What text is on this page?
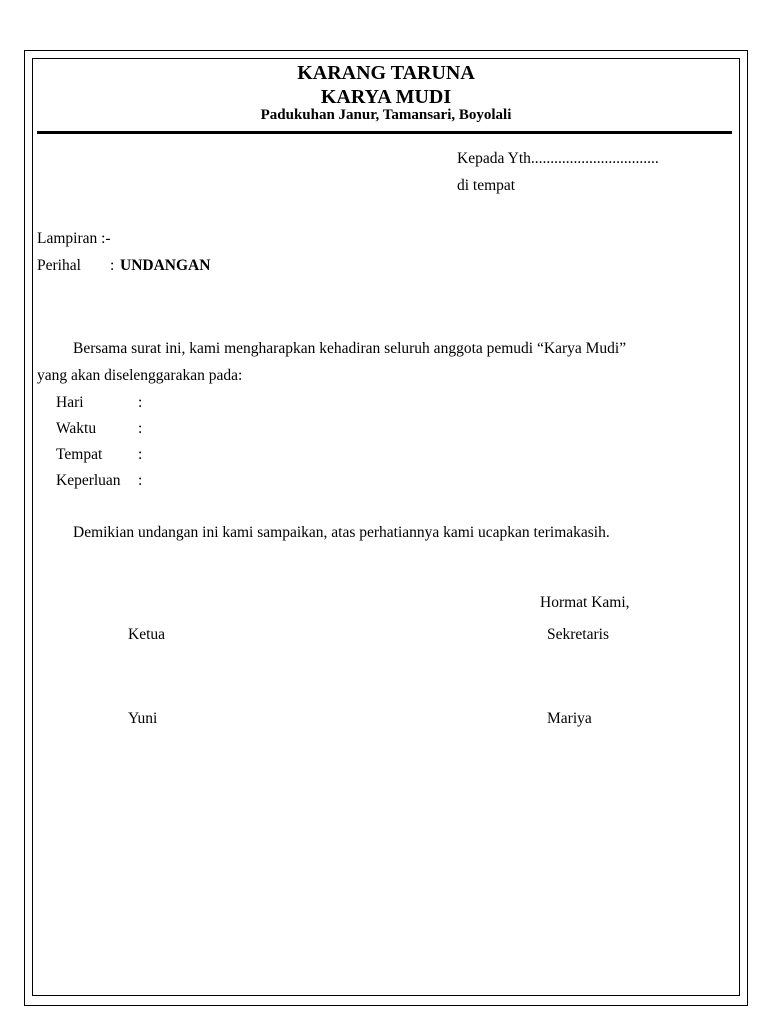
KARANG TARUNA
KARYA MUDI
Padukuhan Janur, Tamansari, Boyolali
Kepada Yth.................................
di tempat
Lampiran :-
Perihal : UNDANGAN
Bersama surat ini, kami mengharapkan kehadiran seluruh anggota pemudi “Karya Mudi”
yang akan diselenggarakan pada:
Hari	:
Waktu	:
Tempat :
Keperluan :
Demikian undangan ini kami sampaikan, atas perhatiannya kami ucapkan terimakasih.
Hormat Kami,
Ketua	Sekretaris
Yuni	Mariya
